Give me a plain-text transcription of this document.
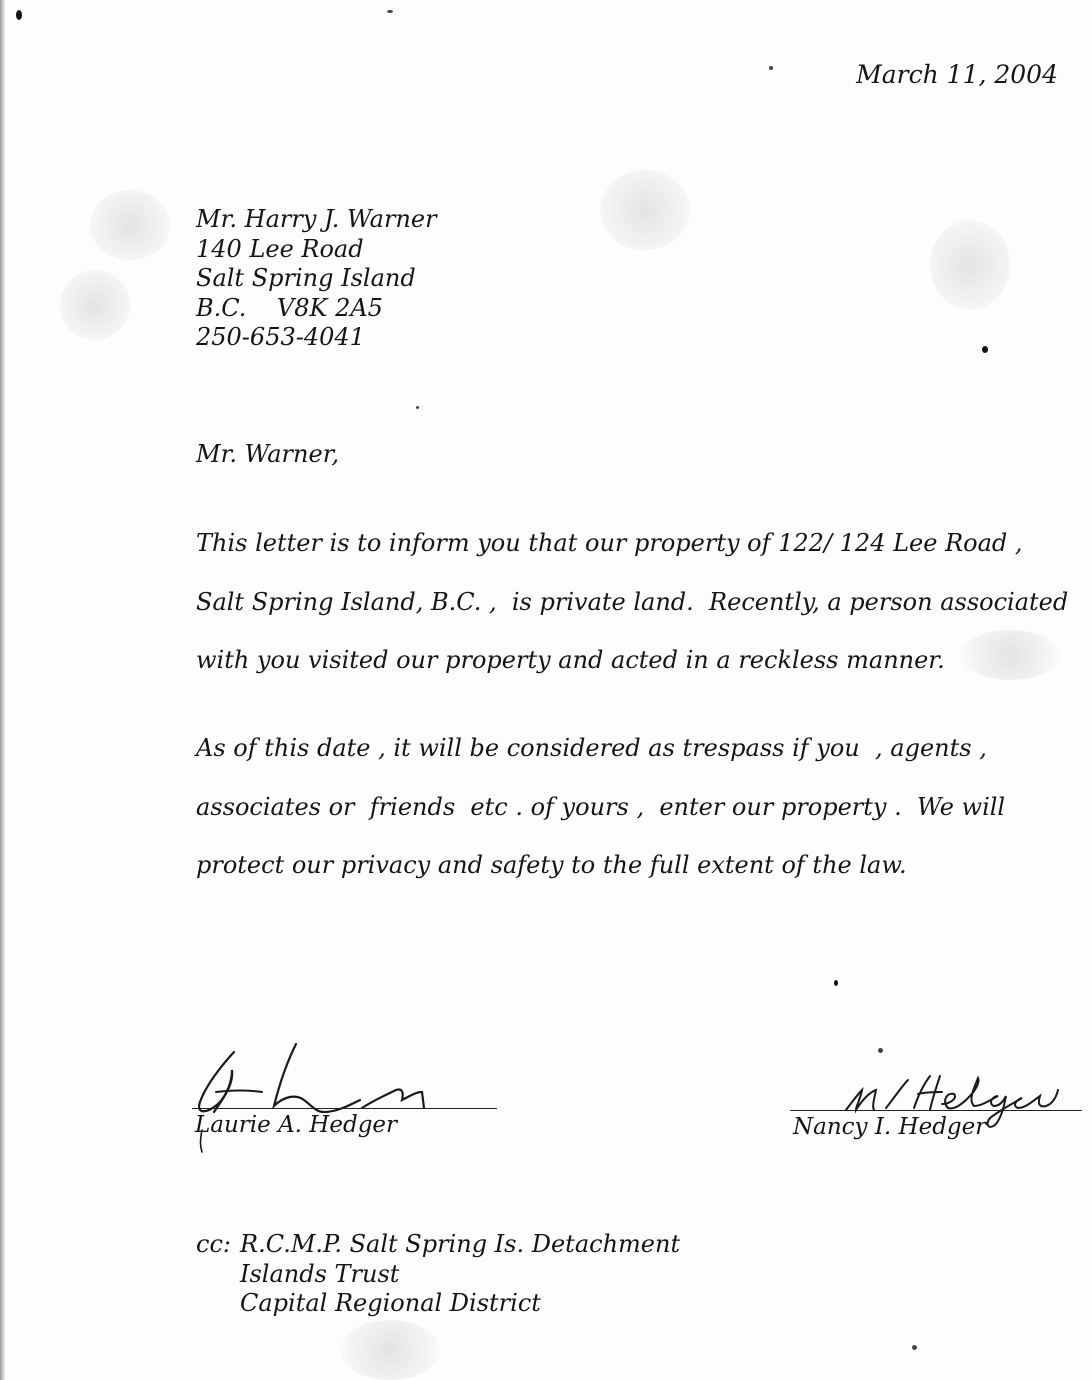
March 11, 2004
Mr. Harry J. Warner
140 Lee Road
Salt Spring Island
B.C.    V8K 2A5
250-653-4041
Mr. Warner,
This letter is to inform you that our property of 122/ 124 Lee Road ,
Salt Spring Island, B.C. ,  is private land.  Recently, a person associated
with you visited our property and acted in a reckless manner.
As of this date , it will be considered as trespass if you  , agents ,
associates or  friends  etc . of yours ,  enter our property .  We will
protect our privacy and safety to the full extent of the law.
Laurie A. Hedger	Nancy I. Hedger
cc: R.C.M.P. Salt Spring Is. Detachment
Islands Trust
Capital Regional District
